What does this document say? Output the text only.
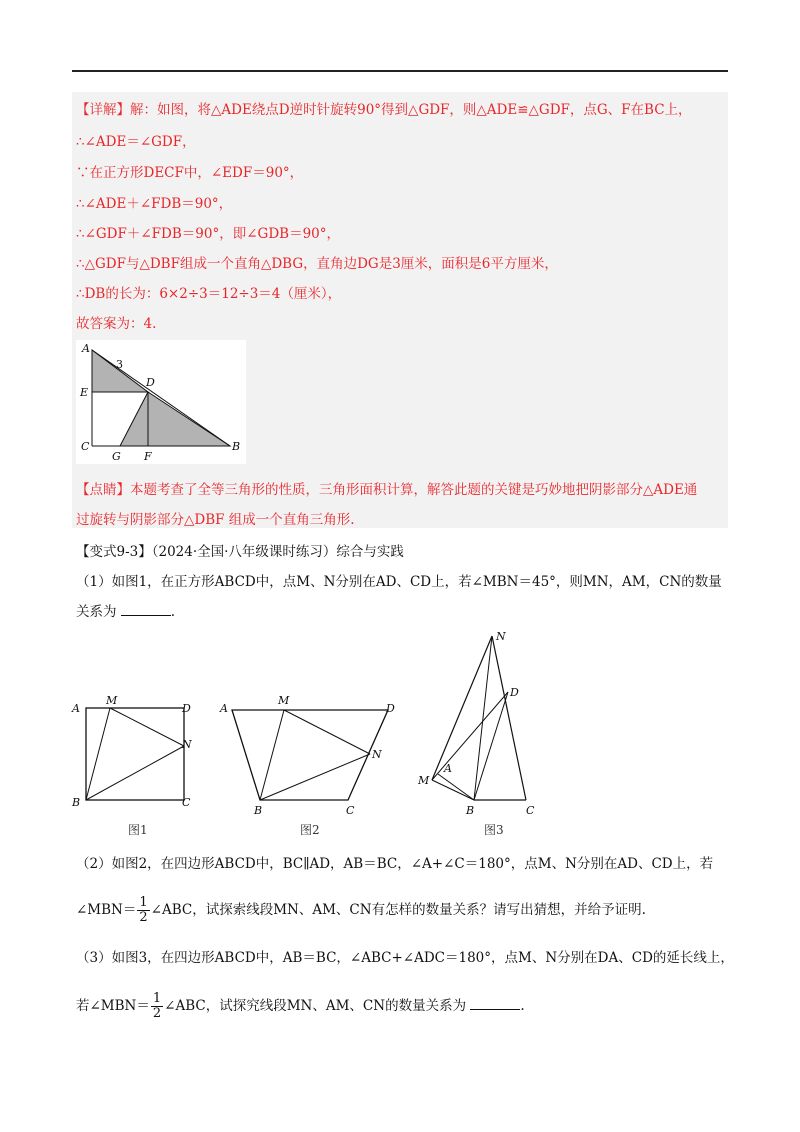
【详解】解：如图，将△ADE绕点D逆时针旋转90°得到△GDF，则△ADE≌△GDF，点G、F在BC上，
∴∠ADE＝∠GDF，
∵在正方形DECF中，∠EDF＝90°，
∴∠ADE＋∠FDB＝90°，
∴∠GDF＋∠FDB＝90°，即∠GDB＝90°，
∴△GDF与△DBF组成一个直角△DBG，直角边DG是3厘米，面积是6平方厘米，
∴DB的长为：6×2÷3＝12÷3＝4（厘米），
故答案为：4.
A
3
E
D
C
G F
B
【点睛】本题考查了全等三角形的性质，三角形面积计算，解答此题的关键是巧妙地把阴影部分△ADE通
过旋转与阴影部分△DBF 组成一个直角三角形.
【变式9-3】（2024·全国·八年级课时练习）综合与实践
（1）如图1，在正方形ABCD中，点M、N分别在AD、CD上，若∠MBN＝45°，则MN，AM，CN的数量
关系为	.
A
M
D
N
B	C
图1
A
M
D
N
B	C
图2
N
D
A
M
B	C
图3
（2）如图2，在四边形ABCD中，BC∥AD，AB＝BC，∠A+∠C＝180°，点M、N分别在AD、CD上，若
∠MBN＝ $\frac{1}{2}$ ∠ABC，试探索线段MN、AM、CN有怎样的数量关系？请写出猜想，并给予证明.
（3）如图3，在四边形ABCD中，AB＝BC，∠ABC+∠ADC＝180°，点M、N分别在DA、CD的延长线上，
若∠MBN＝ $\frac{1}{2}$ ∠ABC，试探究线段MN、AM、CN的数量关系为	.
